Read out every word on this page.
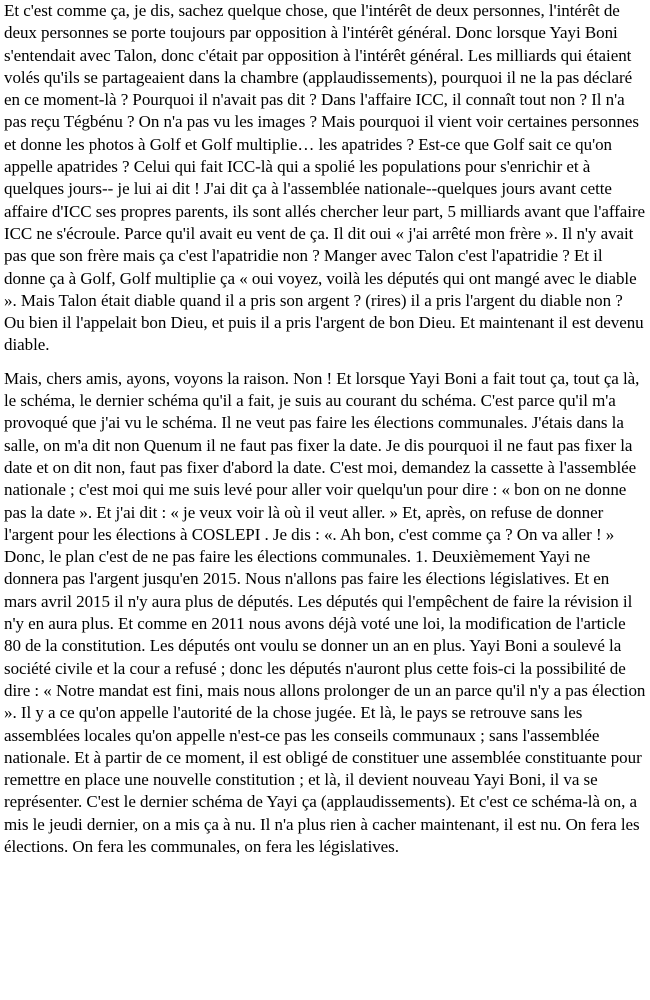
Et c'est comme ça, je dis, sachez quelque chose, que l'intérêt de deux personnes, l'intérêt de deux personnes se porte toujours par opposition à l'intérêt général. Donc lorsque Yayi Boni s'entendait avec Talon, donc c'était par opposition à l'intérêt général. Les milliards qui étaient volés qu'ils se partageaient dans la chambre (applaudissements), pourquoi il ne la pas déclaré en ce moment-là ? Pourquoi il n'avait pas dit ? Dans l'affaire ICC, il connaît tout non ? Il n'a pas reçu Tégbénu ? On n'a pas vu les images ? Mais pourquoi il vient voir certaines personnes et donne les photos à Golf et Golf multiplie… les apatrides ? Est-ce que Golf sait ce qu'on appelle apatrides ? Celui qui fait ICC-là qui a spolié les populations pour s'enrichir et à quelques jours-- je lui ai dit ! J'ai dit ça à l'assemblée nationale--quelques jours avant cette affaire d'ICC ses propres parents, ils sont allés chercher leur part, 5 milliards avant que l'affaire ICC ne s'écroule. Parce qu'il avait eu vent de ça. Il dit oui « j'ai arrêté mon frère ». Il n'y avait pas que son frère mais ça c'est l'apatridie non ? Manger avec Talon c'est l'apatridie ? Et il donne ça à Golf, Golf multiplie ça « oui voyez, voilà les députés qui ont mangé avec le diable ». Mais Talon était diable quand il a pris son argent ? (rires) il a pris l'argent du diable non ? Ou bien il l'appelait bon Dieu, et puis il a pris l'argent de bon Dieu. Et maintenant il est devenu diable.

Mais, chers amis, ayons, voyons la raison. Non ! Et lorsque Yayi Boni a fait tout ça, tout ça là, le schéma, le dernier schéma qu'il a fait, je suis au courant du schéma. C'est parce qu'il m'a provoqué que j'ai vu le schéma. Il ne veut pas faire les élections communales. J'étais dans la salle, on m'a dit non Quenum il ne faut pas fixer la date. Je dis pourquoi il ne faut pas fixer la date et on dit non, faut pas fixer d'abord la date. C'est moi, demandez la cassette à l'assemblée nationale ; c'est moi qui me suis levé pour aller voir quelqu'un pour dire : « bon on ne donne pas la date ». Et j'ai dit : « je veux voir là où il veut aller. » Et, après, on refuse de donner l'argent pour les élections à COSLEPI . Je dis : «. Ah bon, c'est comme ça ? On va aller ! » Donc, le plan c'est de ne pas faire les élections communales. 1. Deuxièmement Yayi ne donnera pas l'argent jusqu'en 2015. Nous n'allons pas faire les élections législatives. Et en mars avril 2015 il n'y aura plus de députés. Les députés qui l'empêchent de faire la révision il n'y en aura plus. Et comme en 2011 nous avons déjà voté une loi, la modification de l'article 80 de la constitution. Les députés ont voulu se donner un an en plus. Yayi Boni a soulevé la société civile et la cour a refusé ; donc les députés n'auront plus cette fois-ci la possibilité de dire : « Notre mandat est fini, mais nous allons prolonger de un an parce qu'il n'y a pas élection ». Il y a ce qu'on appelle l'autorité de la chose jugée. Et là, le pays se retrouve sans les assemblées locales qu'on appelle n'est-ce pas les conseils communaux ; sans l'assemblée nationale. Et à partir de ce moment, il est obligé de constituer une assemblée constituante pour remettre en place une nouvelle constitution ; et là, il devient nouveau Yayi Boni, il va se représenter. C'est le dernier schéma de Yayi ça (applaudissements). Et c'est ce schéma-là on, a mis le jeudi dernier, on a mis ça à nu. Il n'a plus rien à cacher maintenant, il est nu. On fera les élections. On fera les communales, on fera les législatives.
